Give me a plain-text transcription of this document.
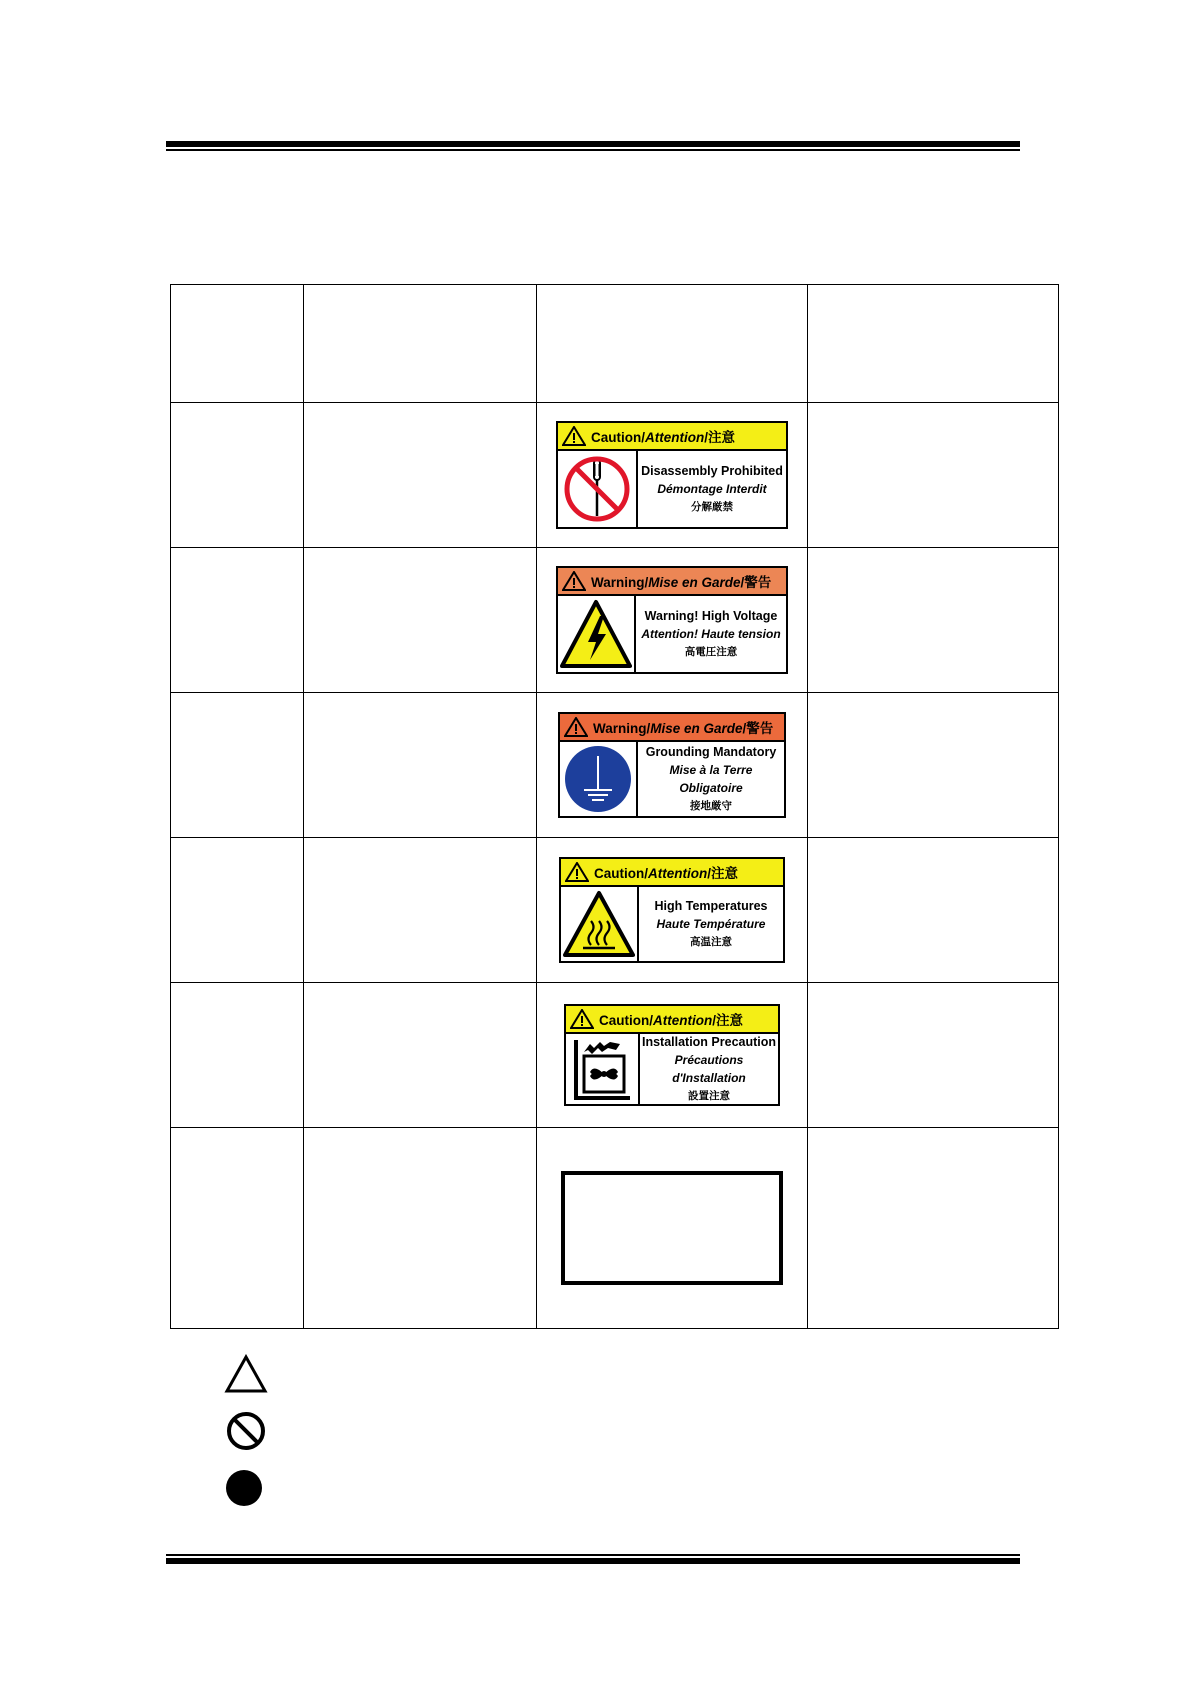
		Caution/Attention/注意
Disassembly Prohibited
Démontage Interdit
分解厳禁	

		Warning/Mise en Garde/警告
Warning! High Voltage
Attention! Haute tension
高電圧注意	

		Warning/Mise en Garde/警告
Grounding Mandatory
Mise à la Terre Obligatoire
接地厳守	

		Caution/Attention/注意
High Temperatures
Haute Température
高温注意	

		Caution/Attention/注意
Installation Precaution
Précautions d'Installation
設置注意	
